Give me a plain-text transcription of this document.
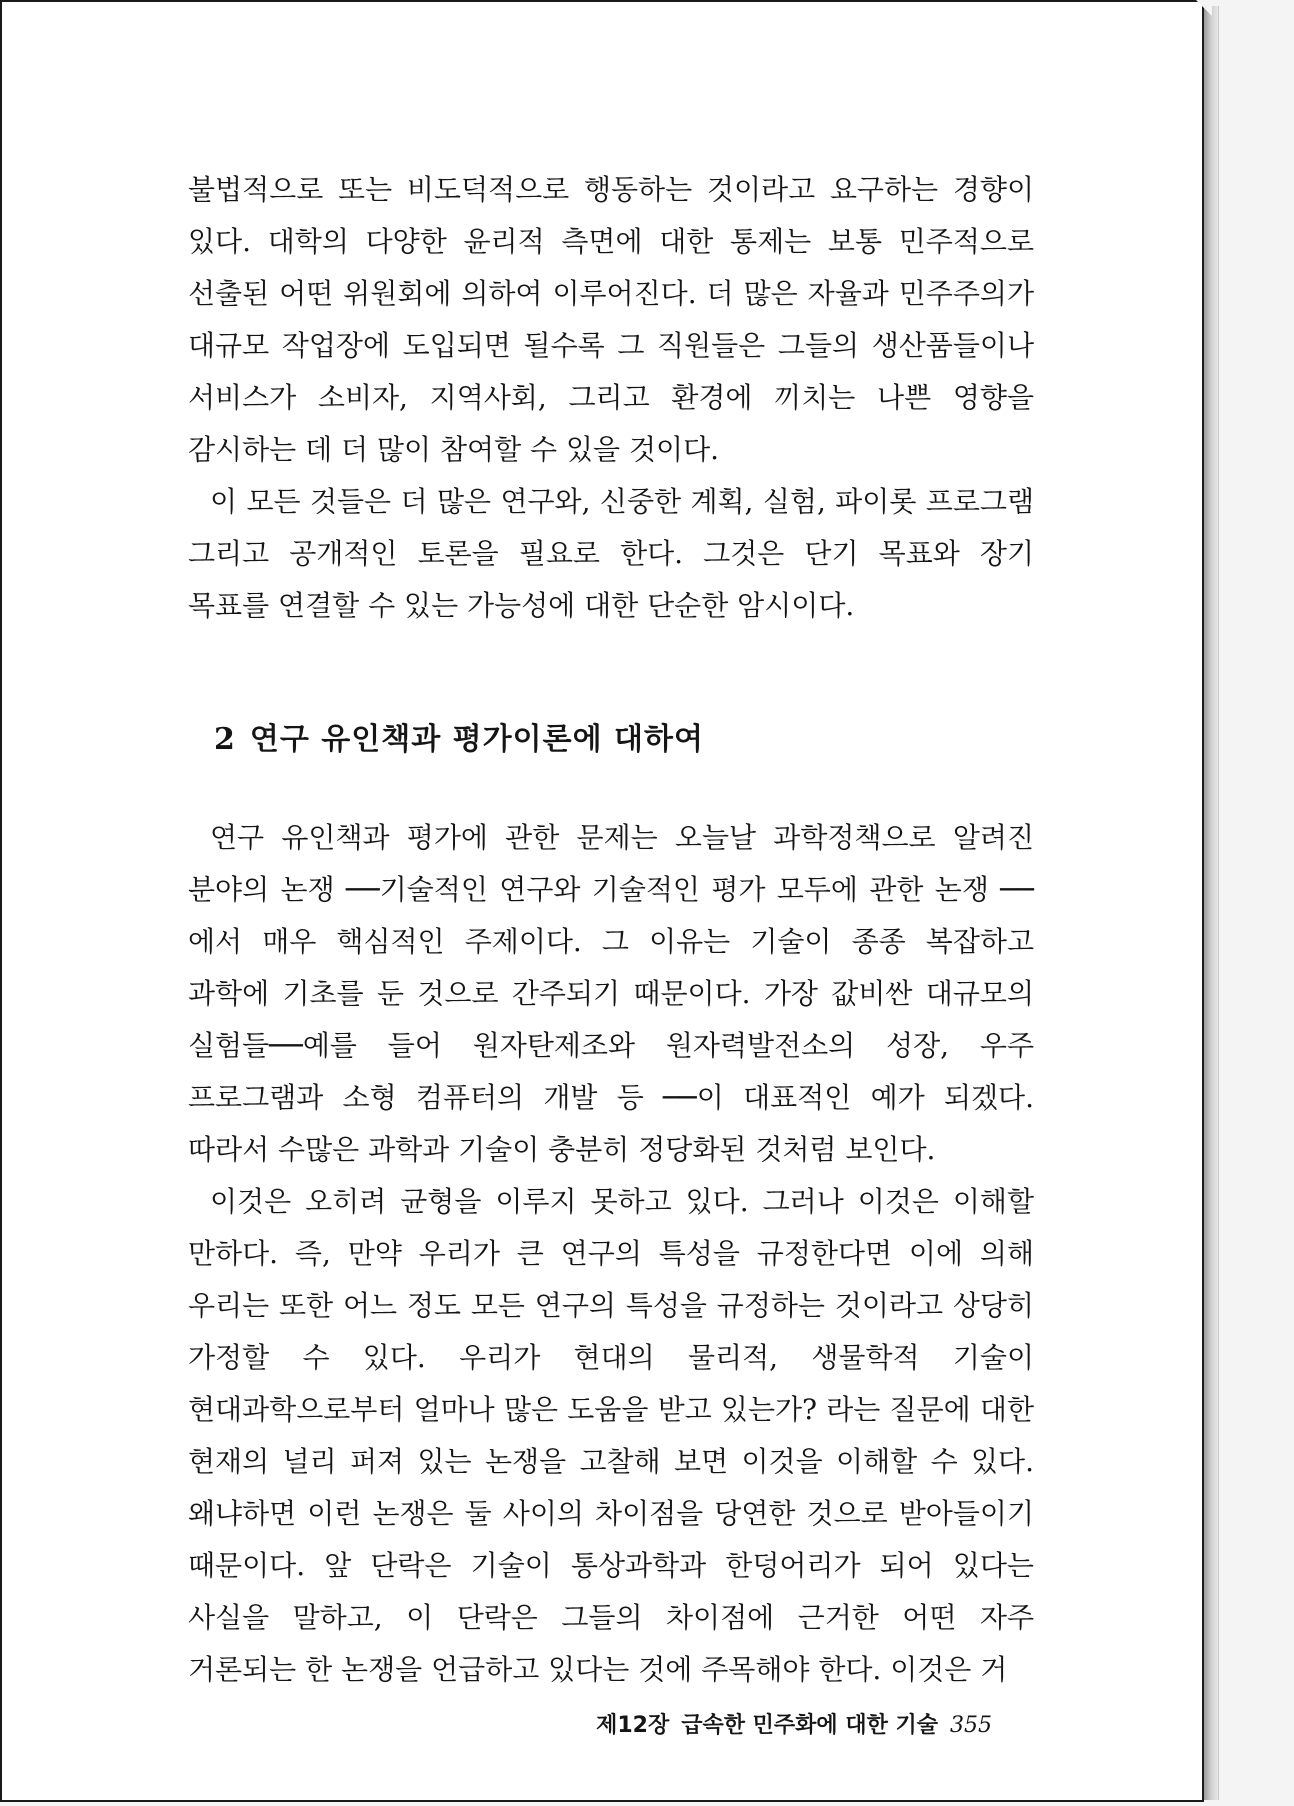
불법적으로 또는 비도덕적으로 행동하는 것이라고 요구하는 경향이 있다. 대학의 다양한 윤리적 측면에 대한 통제는 보통 민주적으로 선출된 어떤 위원회에 의하여 이루어진다. 더 많은 자율과 민주주의가 대규모 작업장에 도입되면 될수록 그 직원들은 그들의 생산품들이나 서비스가 소비자, 지역사회, 그리고 환경에 끼치는 나쁜 영향을 감시하는 데 더 많이 참여할 수 있을 것이다.

이 모든 것들은 더 많은 연구와, 신중한 계획, 실험, 파이롯 프로그램 그리고 공개적인 토론을 필요로 한다. 그것은 단기 목표와 장기 목표를 연결할 수 있는 가능성에 대한 단순한 암시이다.

2 연구 유인책과 평가이론에 대하여

연구 유인책과 평가에 관한 문제는 오늘날 과학정책으로 알려진 분야의 논쟁 ──기술적인 연구와 기술적인 평가 모두에 관한 논쟁 ──에서 매우 핵심적인 주제이다. 그 이유는 기술이 종종 복잡하고 과학에 기초를 둔 것으로 간주되기 때문이다. 가장 값비싼 대규모의 실험들──예를 들어 원자탄제조와 원자력발전소의 성장, 우주 프로그램과 소형 컴퓨터의 개발 등 ──이 대표적인 예가 되겠다. 따라서 수많은 과학과 기술이 충분히 정당화된 것처럼 보인다.

이것은 오히려 균형을 이루지 못하고 있다. 그러나 이것은 이해할 만하다. 즉, 만약 우리가 큰 연구의 특성을 규정한다면 이에 의해 우리는 또한 어느 정도 모든 연구의 특성을 규정하는 것이라고 상당히 가정할 수 있다. 우리가 현대의 물리적, 생물학적 기술이 현대과학으로부터 얼마나 많은 도움을 받고 있는가? 라는 질문에 대한 현재의 널리 퍼져 있는 논쟁을 고찰해 보면 이것을 이해할 수 있다. 왜냐하면 이런 논쟁은 둘 사이의 차이점을 당연한 것으로 받아들이기 때문이다. 앞 단락은 기술이 통상과학과 한덩어리가 되어 있다는 사실을 말하고, 이 단락은 그들의 차이점에 근거한 어떤 자주 거론되는 한 논쟁을 언급하고 있다는 것에 주목해야 한다. 이것은 거

제12장 급속한 민주화에 대한 기술 355
